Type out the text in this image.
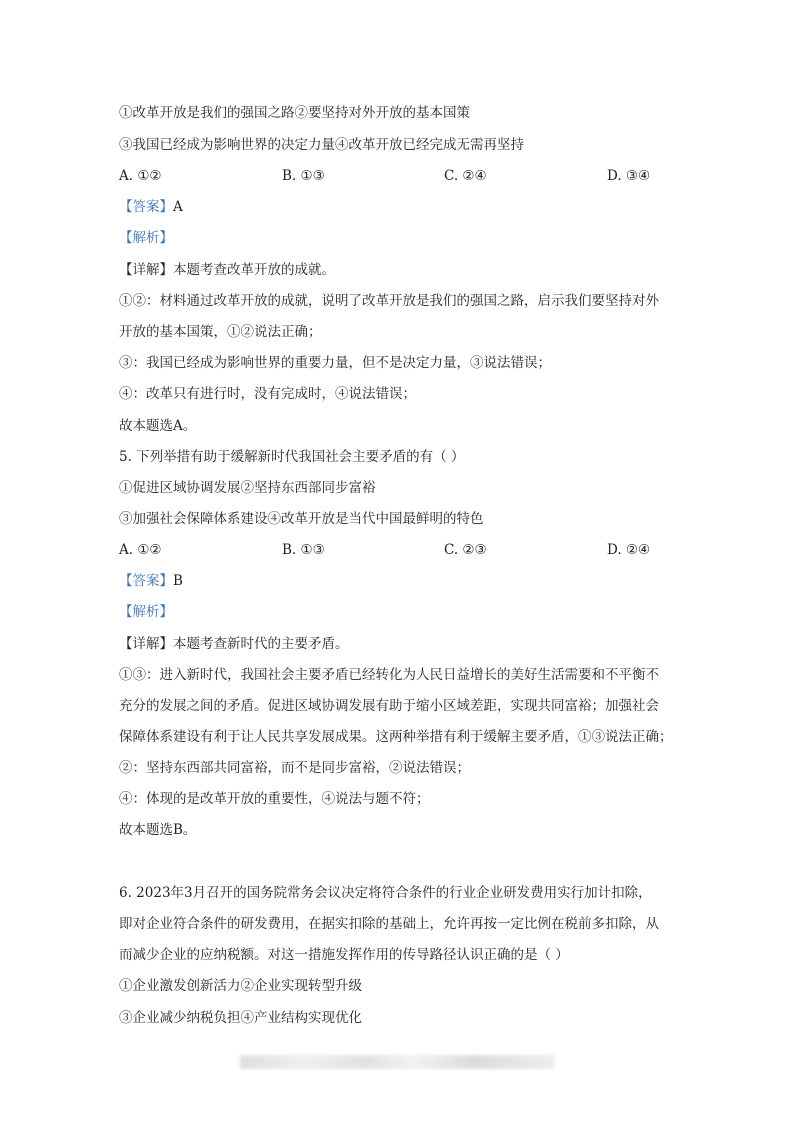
①改革开放是我们的强国之路②要坚持对外开放的基本国策

③我国已经成为影响世界的决定力量④改革开放已经完成无需再坚持

A. ①②	B. ①③	C. ②④	D. ③④

【答案】A

【解析】

【详解】本题考查改革开放的成就。

①②：材料通过改革开放的成就，说明了改革开放是我们的强国之路，启示我们要坚持对外

开放的基本国策，①②说法正确；

③：我国已经成为影响世界的重要力量，但不是决定力量，③说法错误；

④：改革只有进行时，没有完成时，④说法错误；

故本题选A。

5. 下列举措有助于缓解新时代我国社会主要矛盾的有（ ）

①促进区域协调发展②坚持东西部同步富裕

③加强社会保障体系建设④改革开放是当代中国最鲜明的特色

A. ①②	B. ①③	C. ②③	D. ②④

【答案】B

【解析】

【详解】本题考查新时代的主要矛盾。

①③：进入新时代，我国社会主要矛盾已经转化为人民日益增长的美好生活需要和不平衡不

充分的发展之间的矛盾。促进区域协调发展有助于缩小区域差距，实现共同富裕；加强社会

保障体系建设有利于让人民共享发展成果。这两种举措有利于缓解主要矛盾，①③说法正确；

②：坚持东西部共同富裕，而不是同步富裕，②说法错误；

④：体现的是改革开放的重要性，④说法与题不符；

故本题选B。

6. 2023年3月召开的国务院常务会议决定将符合条件的行业企业研发费用实行加计扣除，

即对企业符合条件的研发费用，在据实扣除的基础上，允许再按一定比例在税前多扣除，从

而减少企业的应纳税额。对这一措施发挥作用的传导路径认识正确的是（ ）

①企业激发创新活力②企业实现转型升级

③企业减少纳税负担④产业结构实现优化
